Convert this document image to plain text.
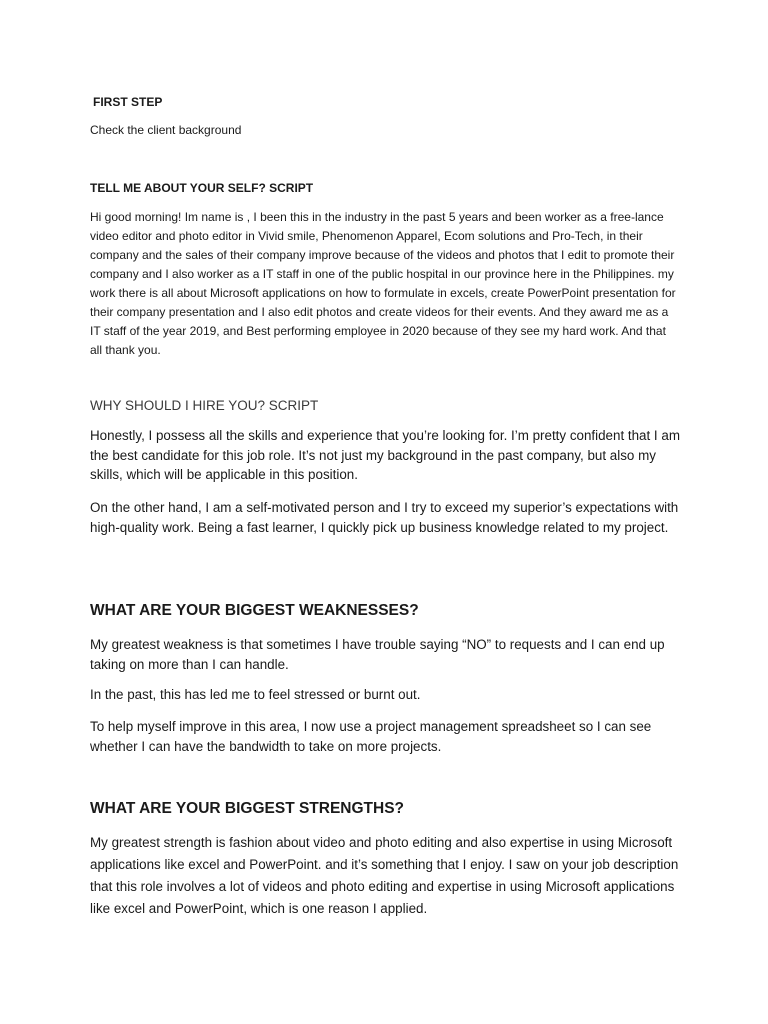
FIRST STEP

Check the client background

TELL ME ABOUT YOUR SELF? SCRIPT

Hi good morning! Im name is , I been this in the industry in the past 5 years and been worker as a free-lance video editor and photo editor in Vivid smile, Phenomenon Apparel, Ecom solutions and Pro-Tech, in their company and the sales of their company improve because of the videos and photos that I edit to promote their company and I also worker as a IT staff in one of the public hospital in our province here in the Philippines. my work there is all about Microsoft applications on how to formulate in excels, create PowerPoint presentation for their company presentation and I also edit photos and create videos for their events. And they award me as a IT staff of the year 2019, and Best performing employee in 2020 because of they see my hard work. And that all thank you.

WHY SHOULD I HIRE YOU? SCRIPT

Honestly, I possess all the skills and experience that you’re looking for. I’m pretty confident that I am the best candidate for this job role. It’s not just my background in the past company, but also my skills, which will be applicable in this position.

On the other hand, I am a self-motivated person and I try to exceed my superior’s expectations with high-quality work. Being a fast learner, I quickly pick up business knowledge related to my project.

WHAT ARE YOUR BIGGEST WEAKNESSES?

My greatest weakness is that sometimes I have trouble saying “NO” to requests and I can end up taking on more than I can handle.

In the past, this has led me to feel stressed or burnt out.

To help myself improve in this area, I now use a project management spreadsheet so I can see whether I can have the bandwidth to take on more projects.

WHAT ARE YOUR BIGGEST STRENGTHS?

My greatest strength is fashion about video and photo editing and also expertise in using Microsoft applications like excel and PowerPoint. and it’s something that I enjoy. I saw on your job description that this role involves a lot of videos and photo editing and expertise in using Microsoft applications like excel and PowerPoint, which is one reason I applied.
